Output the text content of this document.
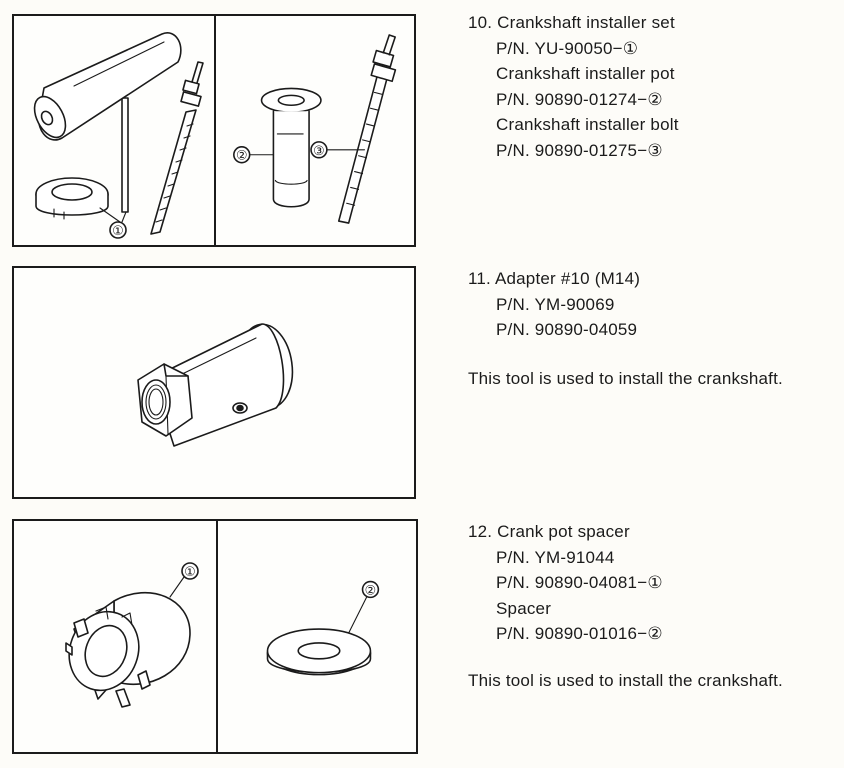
①
②	③
10. Crankshaft installer set
P/N. YU-90050−①
Crankshaft installer pot
P/N. 90890-01274−②
Crankshaft installer bolt
P/N. 90890-01275−③
11. Adapter #10 (M14)
P/N. YM-90069
P/N. 90890-04059
This tool is used to install the crankshaft.
①
②
12. Crank pot spacer
P/N. YM-91044
P/N. 90890-04081−①
Spacer
P/N. 90890-01016−②
This tool is used to install the crankshaft.
